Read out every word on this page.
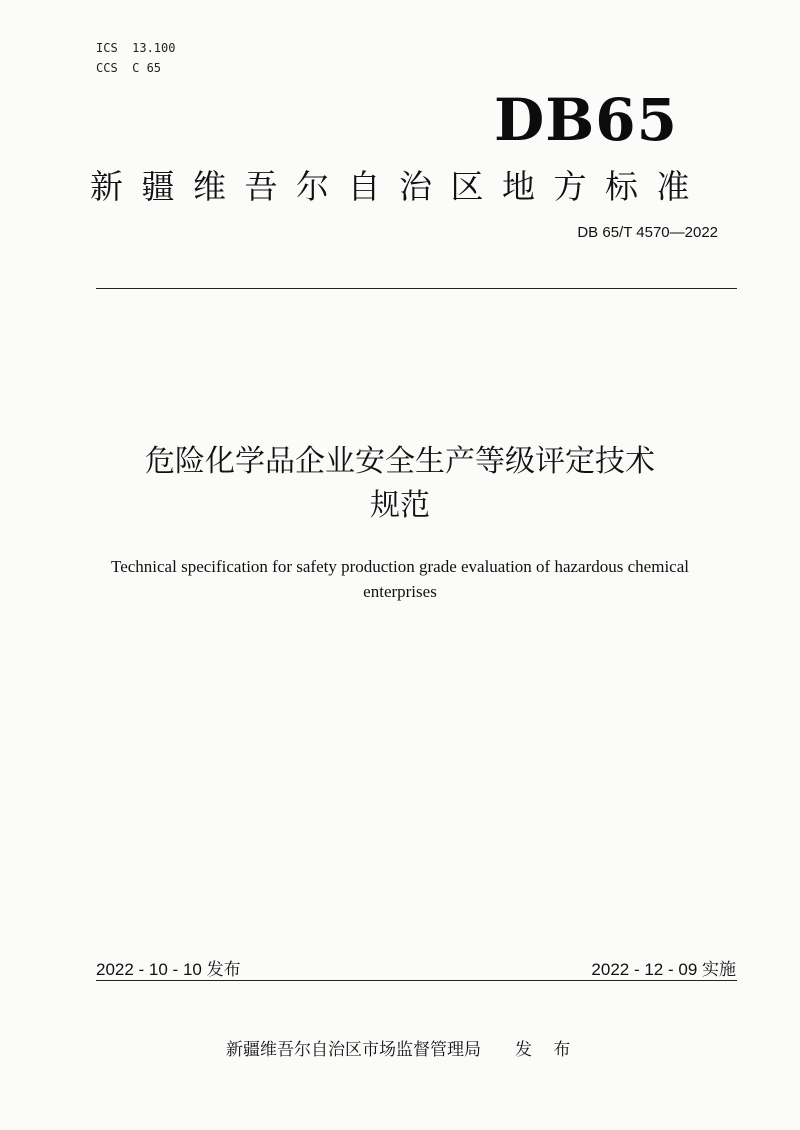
ICS  13.100
CCS  C 65
DB65
新疆维吾尔自治区地方标准
DB 65/T 4570—2022
危险化学品企业安全生产等级评定技术
规范
Technical specification for safety production grade evaluation of hazardous chemical
enterprises
2022 - 10 - 10 发布	2022 - 12 - 09 实施
新疆维吾尔自治区市场监督管理局 发 布
